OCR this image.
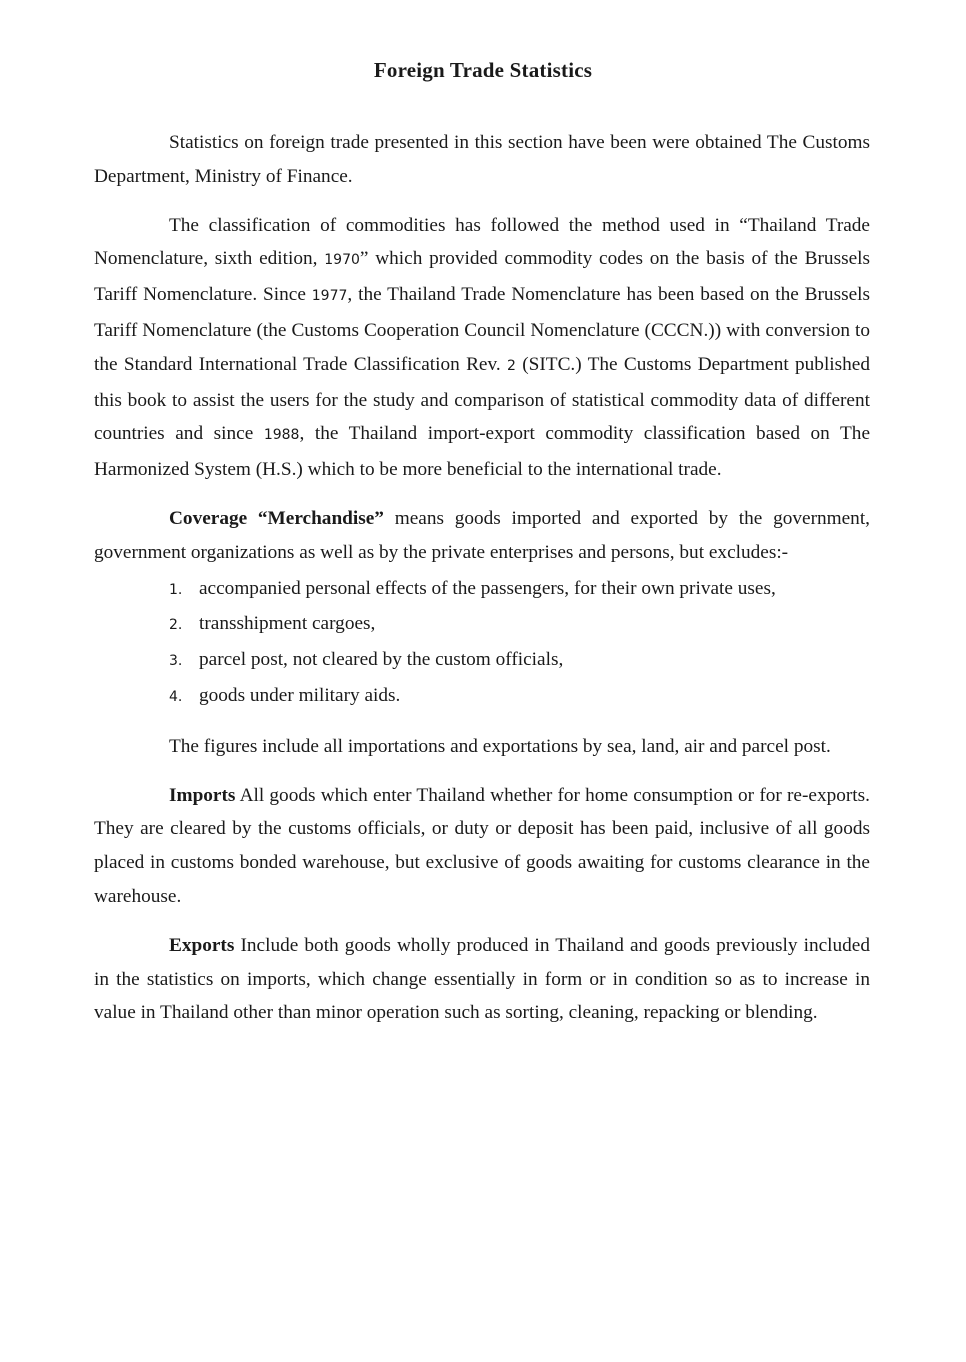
Foreign Trade Statistics

Statistics on foreign trade presented in this section have been were obtained The Customs Department, Ministry of Finance.

The classification of commodities has followed the method used in “Thailand Trade Nomenclature, sixth edition, 1970” which provided commodity codes on the basis of the Brussels Tariff Nomenclature. Since 1977, the Thailand Trade Nomenclature has been based on the Brussels Tariff Nomenclature (the Customs Cooperation Council Nomenclature (CCCN.)) with conversion to the Standard International Trade Classification Rev. 2 (SITC.) The Customs Department published this book to assist the users for the study and comparison of statistical commodity data of different countries and since 1988, the Thailand import-export commodity classification based on The Harmonized System (H.S.) which to be more beneficial to the international trade.

Coverage “Merchandise” means goods imported and exported by the government, government organizations as well as by the private enterprises and persons, but excludes:-

1. accompanied personal effects of the passengers, for their own private uses,
2. transshipment cargoes,
3. parcel post, not cleared by the custom officials,
4. goods under military aids.

The figures include all importations and exportations by sea, land, air and parcel post.

Imports All goods which enter Thailand whether for home consumption or for re-exports. They are cleared by the customs officials, or duty or deposit has been paid, inclusive of all goods placed in customs bonded warehouse, but exclusive of goods awaiting for customs clearance in the warehouse.

Exports Include both goods wholly produced in Thailand and goods previously included in the statistics on imports, which change essentially in form or in condition so as to increase in value in Thailand other than minor operation such as sorting, cleaning, repacking or blending.
